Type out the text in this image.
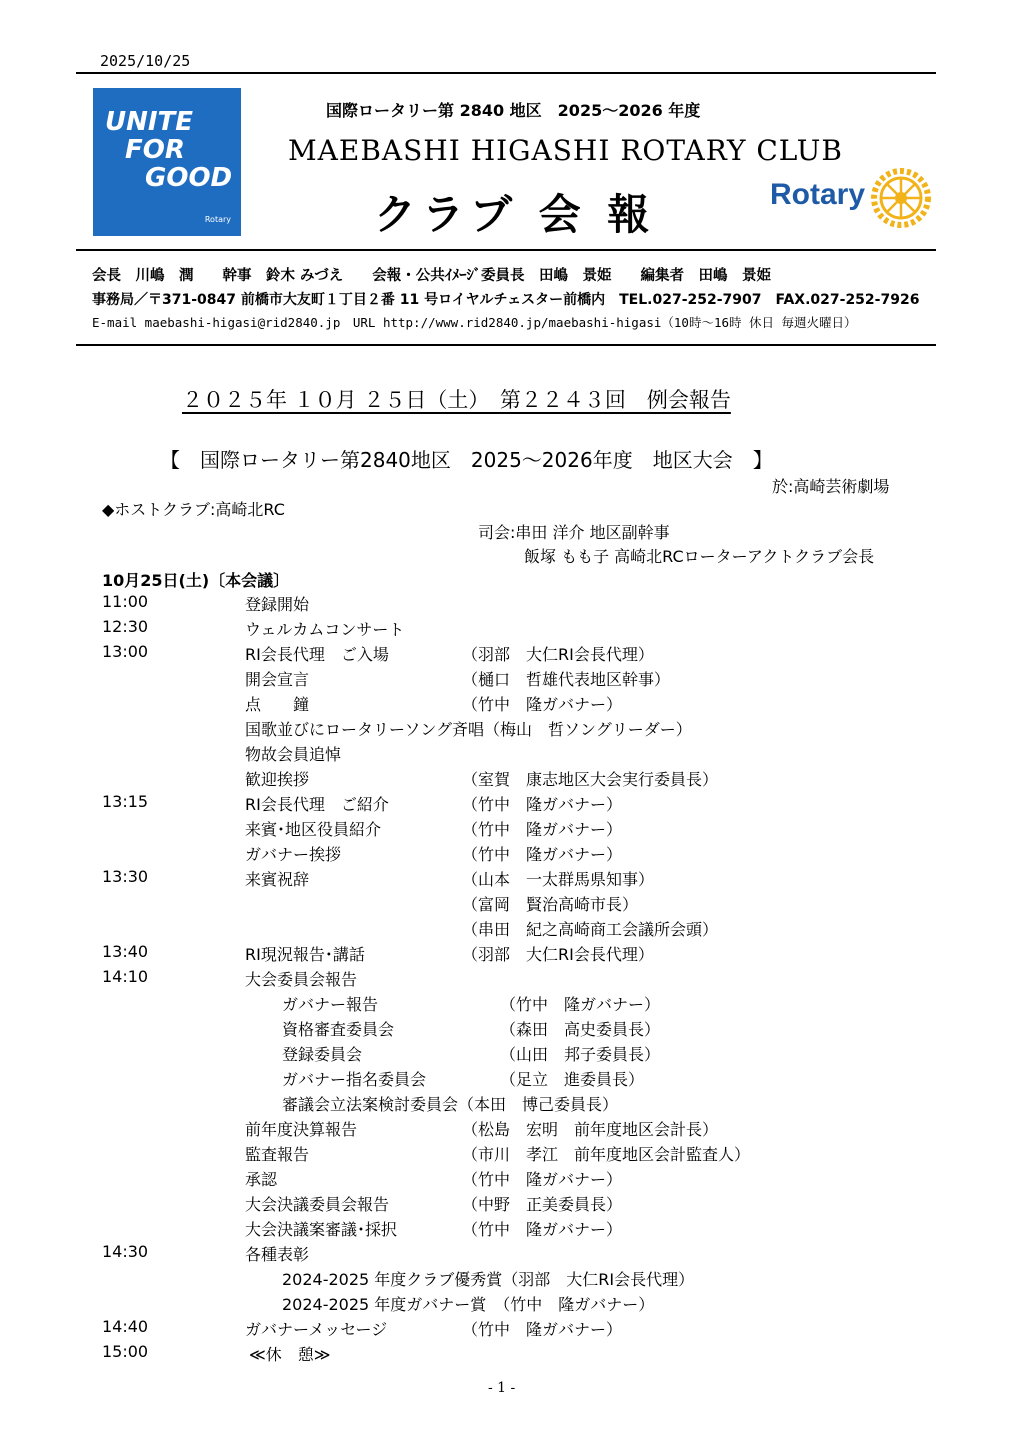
2025/10/25
UNITE
FOR
GOOD
Rotary
国際ロータリー第 2840 地区　2025～2026 年度
MAEBASHI HIGASHI ROTARY CLUB
クラブ 会 報	Rotary
会長　川嶋　潤　　幹事　鈴木 みづえ　　会報・公共ｲﾒｰｼﾞ委員長　田嶋　景姫　　編集者　田嶋　景姫
事務局／〒371-0847 前橋市大友町１丁目２番 11 号ロイヤルチェスター前橋内　TEL.027-252-7907　FAX.027-252-7926
E-mail maebashi-higasi@rid2840.jp　URL http://www.rid2840.jp/maebashi-higasi（10時～16時 休日 毎週火曜日）
２０２５年 １０月 ２５日（土）　第２２４３回　例会報告
【　国際ロータリー第2840地区　2025～2026年度　地区大会　】
於:高崎芸術劇場
◆ホストクラブ:高崎北RC
司会:串田 洋介 地区副幹事
飯塚 もも子 高崎北RCローターアクトクラブ会長
10月25日(土)〔本会議〕
11:00	登録開始
12:30	ウェルカムコンサート
13:00	RI会長代理　ご入場	（羽部　大仁RI会長代理）
開会宣言	（樋口　哲雄代表地区幹事）
点　　鐘	（竹中　隆ガバナー）
国歌並びにロータリーソング斉唱（梅山　哲ソングリーダー）
物故会員追悼
歓迎挨拶	（室賀　康志地区大会実行委員長）
13:15	RI会長代理　ご紹介	（竹中　隆ガバナー）
来賓･地区役員紹介	（竹中　隆ガバナー）
ガバナー挨拶	（竹中　隆ガバナー）
13:30	来賓祝辞	（山本　一太群馬県知事）
（富岡　賢治高崎市長）
（串田　紀之高崎商工会議所会頭）
13:40	RI現況報告･講話	（羽部　大仁RI会長代理）
14:10	大会委員会報告
ガバナー報告	（竹中　隆ガバナー）
資格審査委員会	（森田　高史委員長）
登録委員会	（山田　邦子委員長）
ガバナー指名委員会	（足立　進委員長）
審議会立法案検討委員会（本田　博己委員長）
前年度決算報告	（松島　宏明　前年度地区会計長）
監査報告	（市川　孝江　前年度地区会計監査人）
承認	（竹中　隆ガバナー）
大会決議委員会報告	（中野　正美委員長）
大会決議案審議･採択	（竹中　隆ガバナー）
14:30	各種表彰
2024-2025 年度クラブ優秀賞（羽部　大仁RI会長代理）
2024-2025 年度ガバナー賞　（竹中　隆ガバナー）
14:40	ガバナーメッセージ	（竹中　隆ガバナー）
15:00	≪休　憩≫
- 1 -
